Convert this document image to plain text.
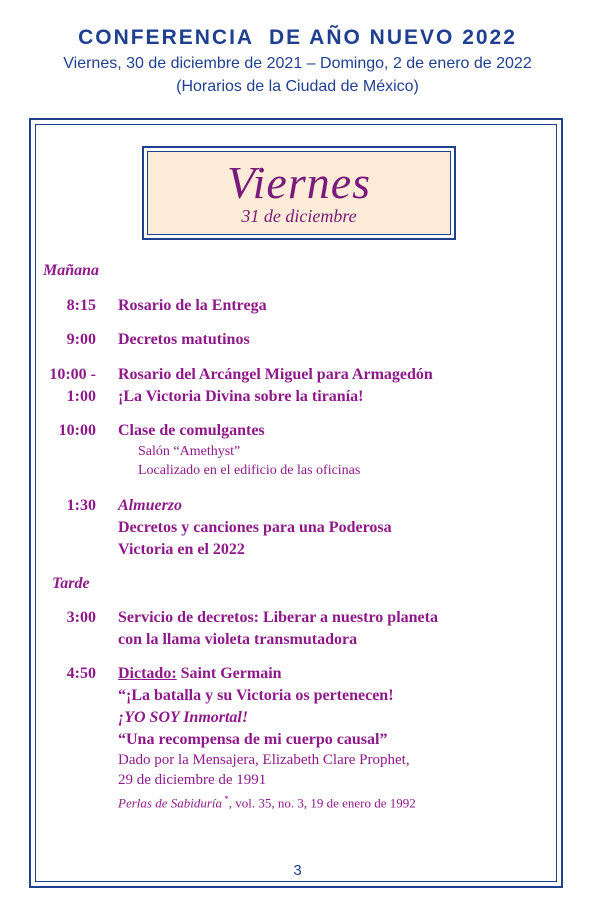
CONFERENCIA  DE AÑO NUEVO 2022
Viernes, 30 de diciembre de 2021 – Domingo, 2 de enero de 2022
(Horarios de la Ciudad de México)
Viernes
31 de diciembre
Mañana
8:15 Rosario de la Entrega
9:00 Decretos matutinos
10:00 -
1:00
Rosario del Arcángel Miguel para Armagedón
¡La Victoria Divina sobre la tiranía!
10:00 Clase de comulgantes
Salón “Amethyst”
Localizado en el edificio de las oficinas
1:30 Almuerzo
Decretos y canciones para una Poderosa
Victoria en el 2022
Tarde
3:00 Servicio de decretos: Liberar a nuestro planeta
con la llama violeta transmutadora
4:50 Dictado: Saint Germain
“¡La batalla y su Victoria os pertenecen!
¡YO SOY Inmortal!
“Una recompensa de mi cuerpo causal”
Dado por la Mensajera, Elizabeth Clare Prophet,
29 de diciembre de 1991
Perlas de Sabiduría *, vol. 35, no. 3, 19 de enero de 1992
3
